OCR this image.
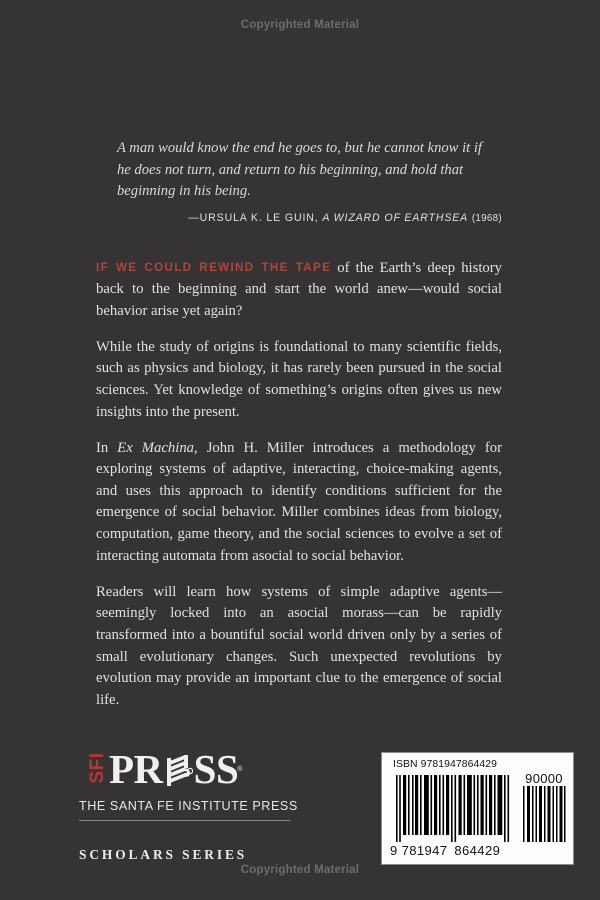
Copyrighted Material
A man would know the end he goes to, but he cannot know it if he does not turn, and return to his beginning, and hold that beginning in his being.
—URSULA K. LE GUIN, A WIZARD OF EARTHSEA (1968)

IF WE COULD REWIND THE TAPE of the Earth’s deep history back to the beginning and start the world anew—would social behavior arise yet again?

While the study of origins is foundational to many scientific fields, such as physics and biology, it has rarely been pursued in the social sciences. Yet knowledge of something’s origins often gives us new insights into the present.

In Ex Machina, John H. Miller introduces a methodology for exploring systems of adaptive, interacting, choice-making agents, and uses this approach to identify conditions sufficient for the emergence of social behavior. Miller combines ideas from biology, computation, game theory, and the social sciences to evolve a set of interacting automata from asocial to social behavior.

Readers will learn how systems of simple adaptive agents—seemingly locked into an asocial morass—can be rapidly transformed into a bountiful social world driven only by a series of small evolutionary changes. Such unexpected revolutions by evolution may provide an important clue to the emergence of social life.

SFI PR SS ®
THE SANTA FE INSTITUTE PRESS
SCHOLARS SERIES
ISBN 9781947864429
90000
9 781947 864429
Copyrighted Material
